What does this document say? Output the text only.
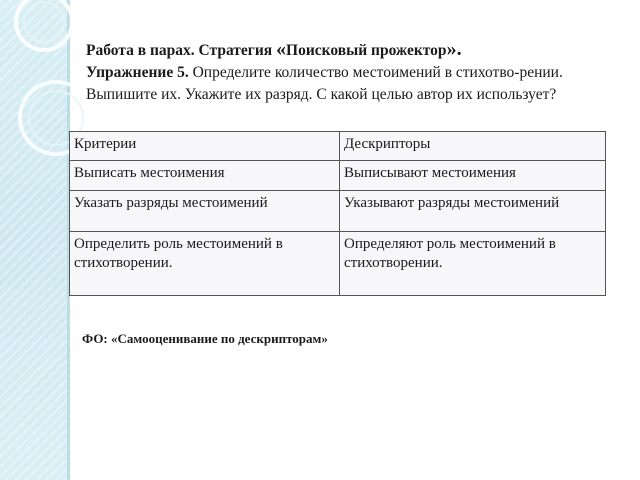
Работа в парах. Стратегия «Поисковый прожектор».
Упражнение 5. Определите количество местоимений в стихотво-рении. Выпишите их. Укажите их разряд. С какой целью автор их использует?
Критерии	Дескрипторы
Выписать местоимения	Выписывают местоимения
Указать разряды местоимений	Указывают разряды местоимений
Определить роль местоимений в стихотворении.	Определяют роль местоимений в стихотворении.
ФО: «Самооценивание по дескрипторам»
